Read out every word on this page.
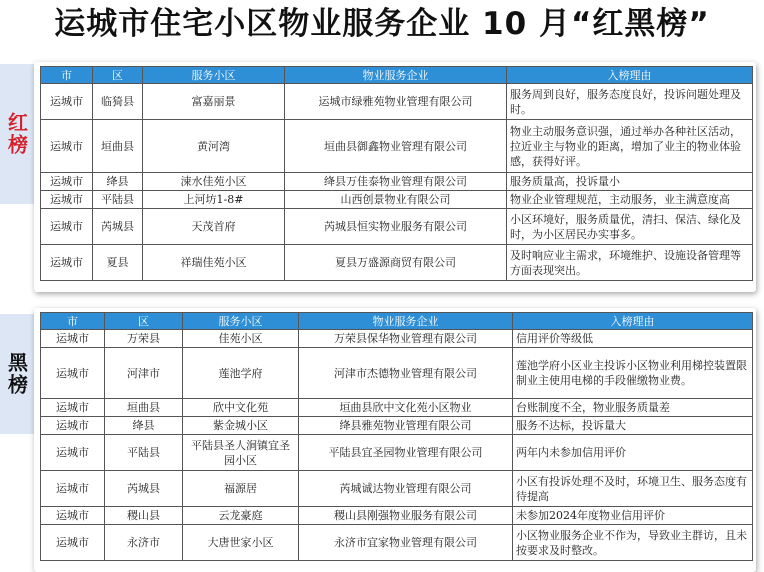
运城市住宅小区物业服务企业 10 月“红黑榜”
红榜
黑榜
市	区	服务小区	物业服务企业	入榜理由
运城市	临猗县	富嘉丽景	运城市绿雅苑物业管理有限公司	服务周到良好，服务态度良好，投诉问题处理及时。
运城市	垣曲县	黄河湾	垣曲县御鑫物业管理有限公司	物业主动服务意识强，通过举办各种社区活动，拉近业主与物业的距离，增加了业主的物业体验感，获得好评。
运城市	绛县	涑水佳苑小区	绛县万佳泰物业管理有限公司	服务质量高，投诉量小
运城市	平陆县	上河坊1-8#	山西创景物业有限公司	物业企业管理规范，主动服务，业主满意度高
运城市	芮城县	天茂首府	芮城县恒实物业服务有限公司	小区环境好，服务质量优，清扫、保洁、绿化及时，为小区居民办实事多。
运城市	夏县	祥瑞佳苑小区	夏县万盛源商贸有限公司	及时响应业主需求，环境维护、设施设备管理等方面表现突出。
市	区	服务小区	物业服务企业	入榜理由
运城市	万荣县	佳苑小区	万荣县保华物业管理有限公司	信用评价等级低
运城市	河津市	莲池学府	河津市杰德物业管理有限公司	莲池学府小区业主投诉小区物业利用梯控装置限制业主使用电梯的手段催缴物业费。
运城市	垣曲县	欣中文化苑	垣曲县欣中文化苑小区物业	台账制度不全，物业服务质量差
运城市	绛县	紫金城小区	绛县雅苑物业管理有限公司	服务不达标，投诉量大
运城市	平陆县	平陆县圣人涧镇宜圣园小区	平陆县宜圣园物业管理有限公司	两年内未参加信用评价
运城市	芮城县	福源居	芮城诚达物业管理有限公司	小区有投诉处理不及时，环境卫生、服务态度有待提高
运城市	稷山县	云龙豪庭	稷山县刚强物业服务有限公司	未参加2024年度物业信用评价
运城市	永济市	大唐世家小区	永济市宜家物业管理有限公司	小区物业服务企业不作为，导致业主群访，且未按要求及时整改。
